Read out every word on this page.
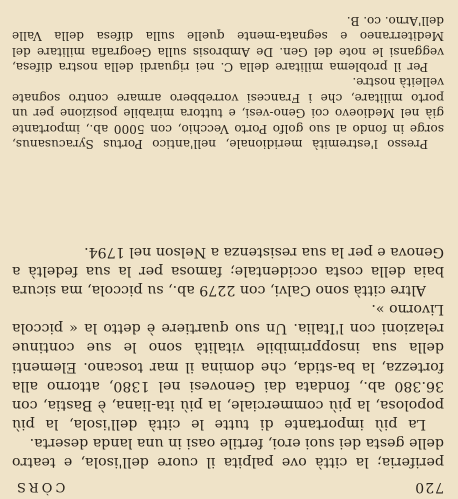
720
CÒRS

periferia; la città ove palpita il cuore dell'isola, e teatro delle gesta dei suoi eroi, fertile oasi in una landa deserta.

La più importante di tutte le città dell'isola, la più popolosa, la più commerciale, la più ita-liana, è Bastia, con 36.380 ab., fondata dai Genovesi nel 1380, attorno alla fortezza, la ba-stida, che domina il mar toscano. Elementi della sua insopprimibile vitalità sono le sue continue relazioni con l'Italia. Un suo quartiere è detto la « piccola Livorno ».

Altre città sono Calvi, con 2279 ab., su piccola, ma sicura baia della costa occidentale; famosa per la sua fedeltà a Genova e per la sua resistenza a Nelson nel 1794.

Presso l'estremità meridionale, nell'antico Portus Syracusanus, sorge in fondo al suo golfo Porto Vecchio, con 5000 ab., importante già nel Medioevo coi Geno-vesi, e tuttora mirabile posizione per un porto militare, che i Francesi vorrebbero armare contro sognate velleità nostre.

Per il problema militare della C. nei riguardi della nostra difesa, veggansi le note del Gen. De Ambrosis sulla Geografia militare del Mediterraneo e segnata-mente quelle sulla difesa della Valle dell'Arno. co. B.
